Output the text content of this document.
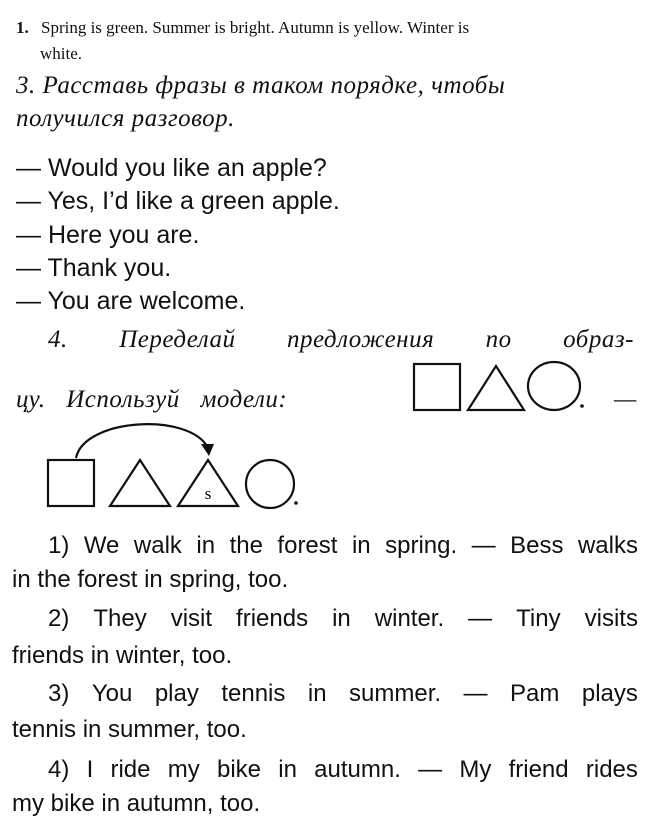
1. Spring is green. Summer is bright. Autumn is yellow. Winter is
white.
3. Расставь фразы в таком порядке, чтобы
получился разговор.
— Would you like an apple?
— Yes, I’d like a green apple.
— Here you are.
— Thank you.
— You are welcome.
4. Переделай предложения по образ-
цу. Используй модели:	—
s
1) We walk in the forest in spring. — Bess walks
in the forest in spring, too.
2) They visit friends in winter. — Tiny visits
friends in winter, too.
3) You play tennis in summer. — Pam plays
tennis in summer, too.
4) I ride my bike in autumn. — My friend rides
my bike in autumn, too.
